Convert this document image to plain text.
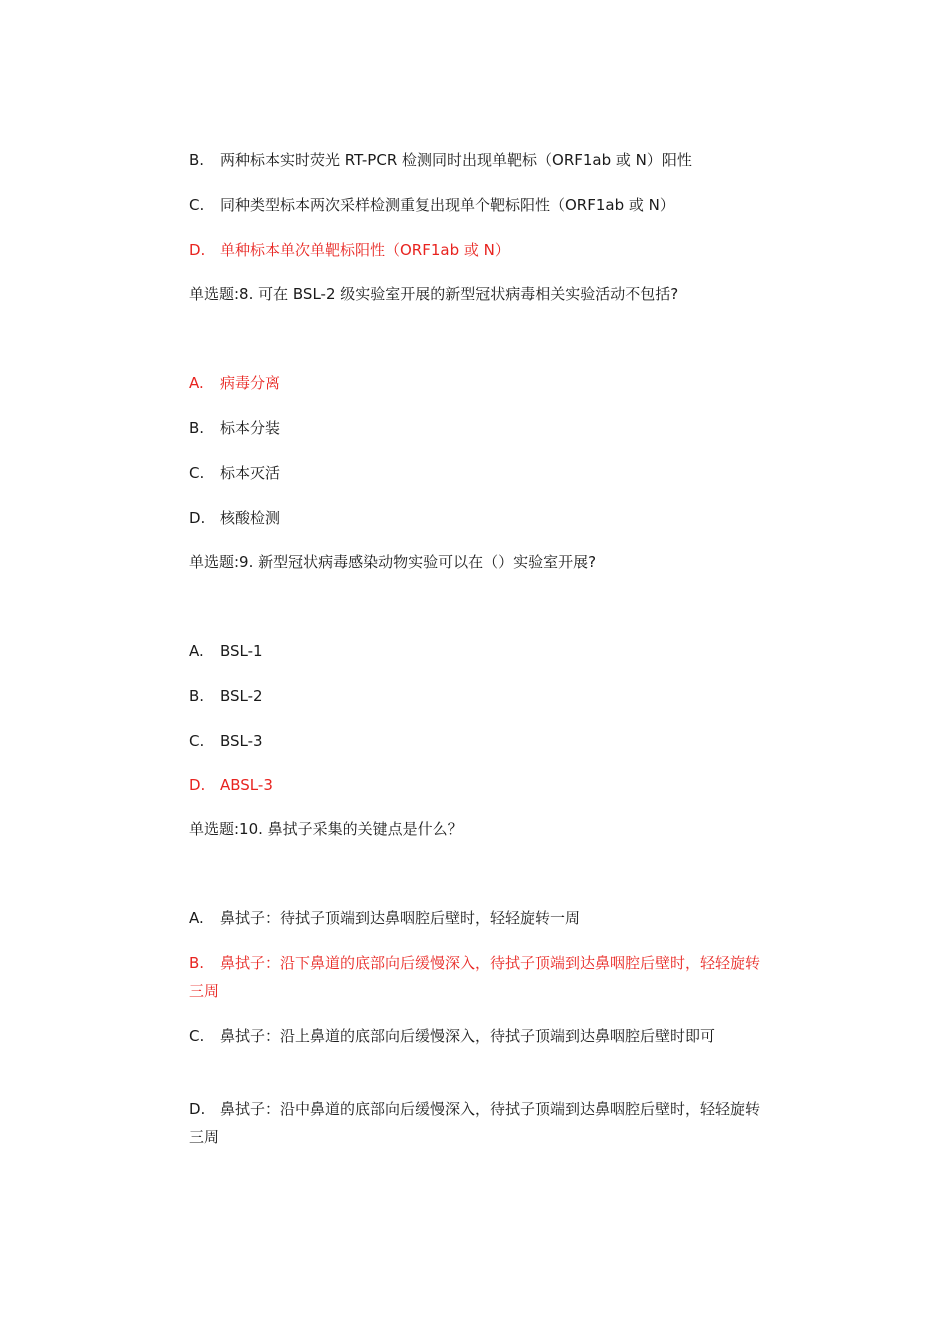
B. 两种标本实时荧光 RT-PCR 检测同时出现单靶标（ORF1ab 或 N）阳性
C. 同种类型标本两次采样检测重复出现单个靶标阳性（ORF1ab 或 N）
D. 单种标本单次单靶标阳性（ORF1ab 或 N）
单选题:8. 可在 BSL-2 级实验室开展的新型冠状病毒相关实验活动不包括?
A. 病毒分离
B. 标本分装
C. 标本灭活
D. 核酸检测
单选题:9. 新型冠状病毒感染动物实验可以在（）实验室开展?
A. BSL-1
B. BSL-2
C. BSL-3
D. ABSL-3
单选题:10. 鼻拭子采集的关键点是什么？
A. 鼻拭子：待拭子顶端到达鼻咽腔后壁时，轻轻旋转一周
B. 鼻拭子：沿下鼻道的底部向后缓慢深入，待拭子顶端到达鼻咽腔后壁时，轻轻旋转三周
C. 鼻拭子：沿上鼻道的底部向后缓慢深入，待拭子顶端到达鼻咽腔后壁时即可
D. 鼻拭子：沿中鼻道的底部向后缓慢深入，待拭子顶端到达鼻咽腔后壁时，轻轻旋转三周
